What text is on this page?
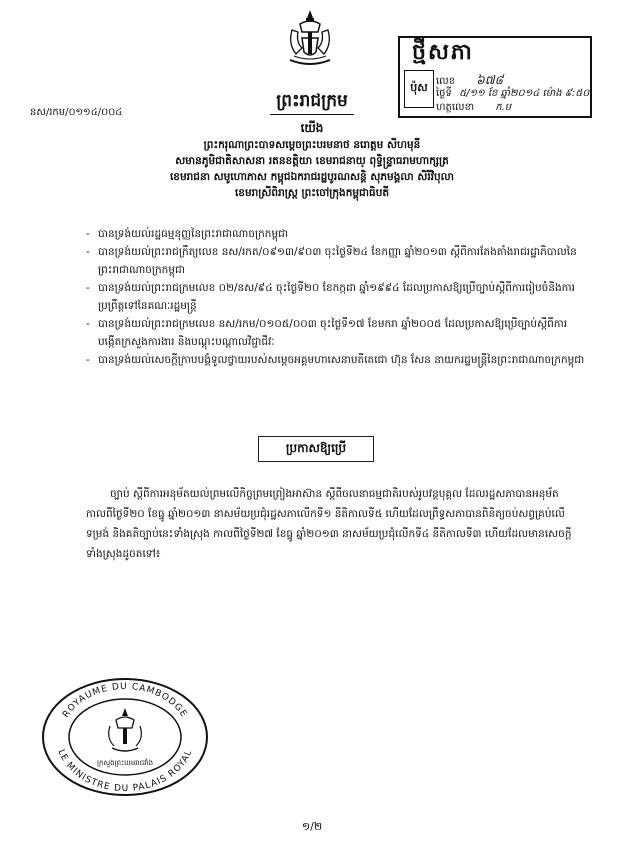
ថ្មីសភា
ប៉ុស លេខ ៦៧៨
ថ្ងៃទី ៥/១១ ខែ ឆ្នាំ២០១៤ ម៉ោង ៩:៥០
ហត្ថលេខា ក.ម
នស/រកម/០១១៤/០០៤
ព្រះរាជក្រម
យើង
ព្រះករុណាព្រះបាទសម្តេចព្រះបរមនាថ នរោត្តម សីហមុនី
សមានភូមិជាតិសាសនា រតនខត្តិយា ខេមរាជនាយ្ ពុទ្ធិន្ទ្រាធរាមហាក្សត្រ
ខេមរាជនា សមូហោភាស កម្ពុជឯករាជរដ្ឋបូរណសន្តិ សុភមង្គលា សិរីវិបុលា
ខេមរាស្រីពិរាស្ត្រ ព្រះចៅក្រុងកម្ពុជាធិបតី
- បានទ្រង់យល់រដ្ឋធម្មនុញ្ញនៃព្រះរាជាណាចក្រកម្ពុជា
- បានទ្រង់យល់ព្រះរាជក្រឹត្យលេខ នស/រកត/០៩១៣/៩០៣ ចុះថ្ងៃទី២៤ ខែកញ្ញា ឆ្នាំ២០១៣ ស្តីពីការតែងតាំងរាជរដ្ឋាភិបាលនៃព្រះរាជាណាចក្រកម្ពុជា
- បានទ្រង់យល់ព្រះរាជក្រមលេខ ០២/នស/៩៤ ចុះថ្ងៃទី២០ ខែកក្កដា ឆ្នាំ១៩៩៤ ដែលប្រកាសឱ្យប្រើច្បាប់ស្តីពីការរៀបចំនិងការប្រព្រឹត្តទៅនៃគណៈរដ្ឋមន្ត្រី
- បានទ្រង់យល់ព្រះរាជក្រមលេខ នស/រកម/០១០៥/០០៣ ចុះថ្ងៃទី១៧ ខែមករា ឆ្នាំ២០០៥ ដែលប្រកាសឱ្យប្រើច្បាប់ស្តីពីការបង្កើតក្រសួងការងារ និងបណ្តុះបណ្តាលវិជ្ជាជីវៈ
- បានទ្រង់យល់សេចក្តីក្រាបបង្គំទូលថ្វាយរបស់សម្តេចអគ្គមហាសេនាបតីតេជោ ហ៊ុន សែន នាយករដ្ឋមន្ត្រីនៃព្រះរាជាណាចក្រកម្ពុជា
ប្រកាសឱ្យប្រើ
ច្បាប់ ស្តីពីការអនុម័តយល់ព្រមលើកិច្ចព្រមព្រៀងអាស៊ាន ស្តីពីចលនាធម្មជាតិរបស់រូបវន្តបុគ្គល ដែលរដ្ឋសភាបានអនុម័ត កាលពីថ្ងៃទី២០ ខែធ្នូ ឆ្នាំ២០១៣ នាសម័យប្រជុំរដ្ឋសភាលើកទី១ នីតិកាលទី៥ ហើយដែលព្រឹទ្ធសភាបានពិនិត្យចប់សព្វគ្រប់លើទម្រង់ និងគតិច្បាប់នេះទាំងស្រុង កាលពីថ្ងៃទី២៧ ខែធ្នូ ឆ្នាំ២០១៣ នាសម័យប្រជុំលើកទី៤ នីតិកាលទី៣ ហើយដែលមានសេចក្តីទាំងស្រុងដូចតទៅ៖
ROYAUME DU CAMBODGE
LE MINISTRE DU PALAIS ROYAL
ក្រសួងព្រះបរមរាជវាំង
១/២
